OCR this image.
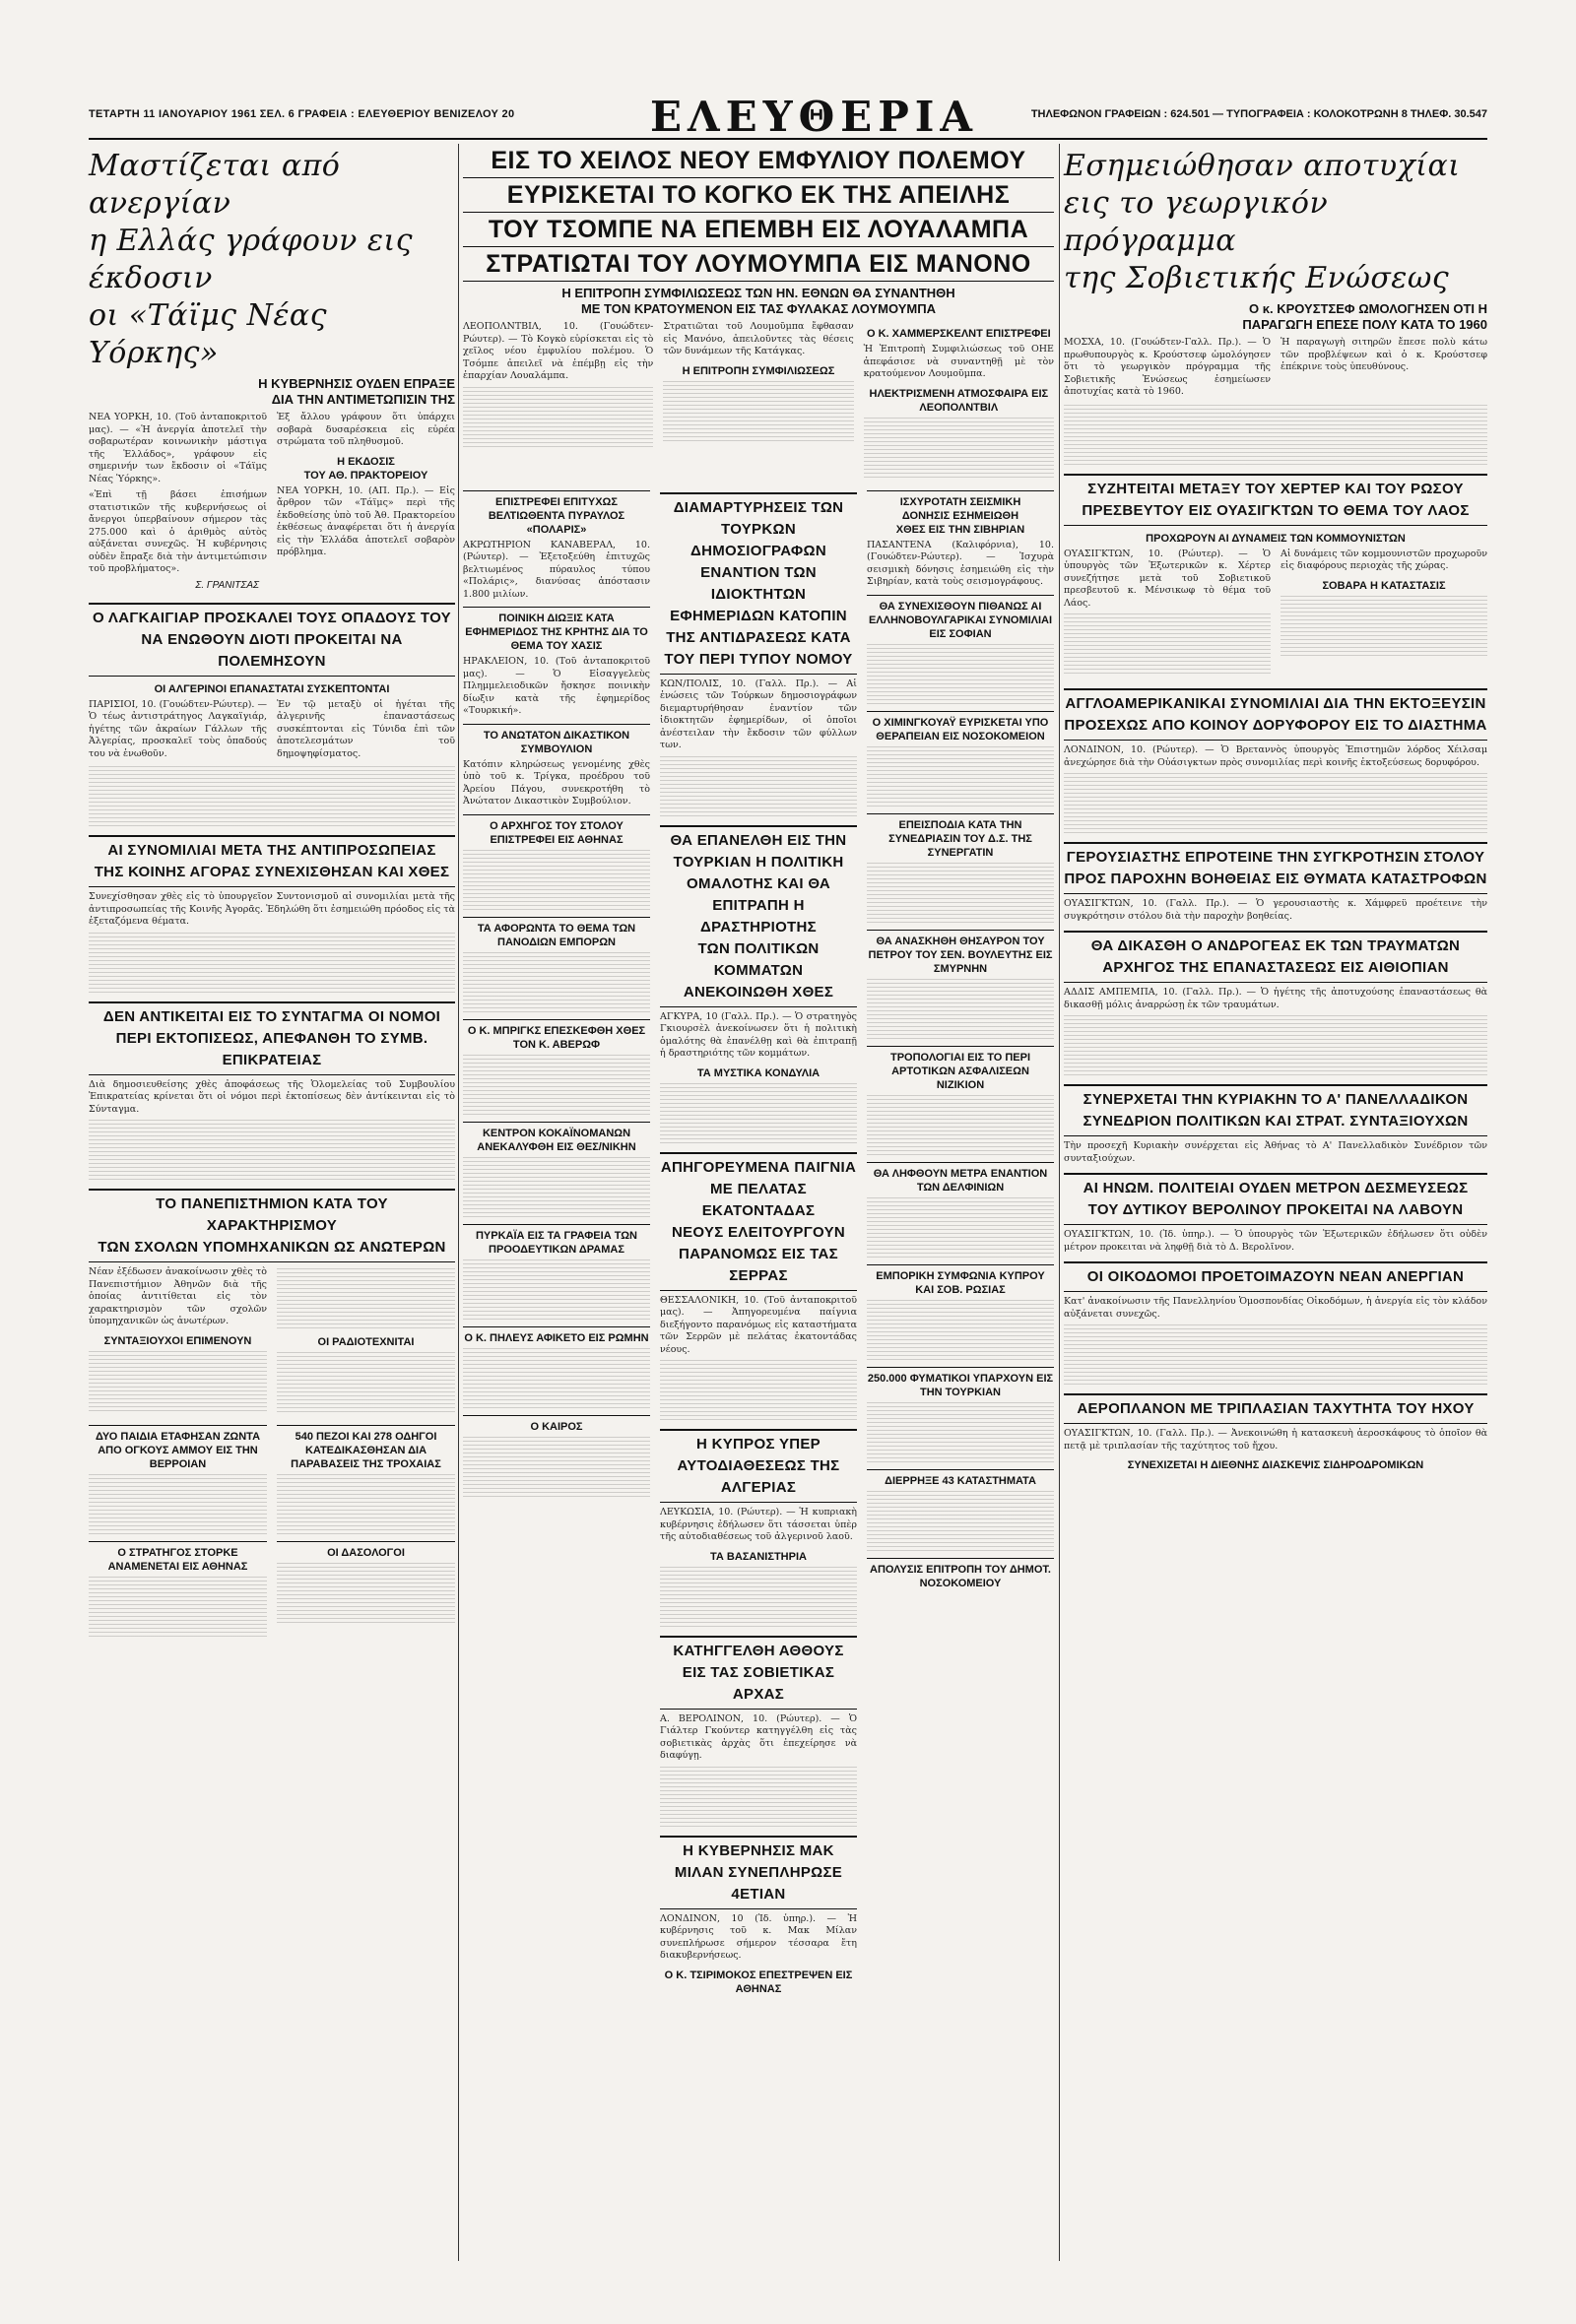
ΤΕΤΑΡΤΗ 11 ΙΑΝΟΥΑΡΙΟΥ 1961 ΣΕΛ. 6 ΓΡΑΦΕΙΑ : ΕΛΕΥΘΕΡΙΟΥ ΒΕΝΙΖΕΛΟΥ 20	ΕΛΕΥΘΕΡΙΑ	ΤΗΛΕΦΩΝΟΝ ΓΡΑΦΕΙΩΝ : 624.501 — ΤΥΠΟΓΡΑΦΕΙΑ : ΚΟΛΟΚΟΤΡΩΝΗ 8 ΤΗΛΕΦ. 30.547
Μαστίζεται από ανεργίαν
η Ελλάς γράφουν εις έκδοσιν
οι «Τάϊμς Νέας Υόρκης»
Η ΚΥΒΕΡΝΗΣΙΣ ΟΥΔΕΝ ΕΠΡΑΞΕ
ΔΙΑ ΤΗΝ ΑΝΤΙΜΕΤΩΠΙΣΙΝ ΤΗΣ

ΝΕΑ ΥΟΡΚΗ, 10. (Τοῦ ἀνταποκριτοῦ μας). — «Ἡ ἀνεργία ἀποτελεῖ τὴν σοβαρωτέραν κοινωνικὴν μάστιγα τῆς Ἑλλάδος», γράφουν εἰς σημερινήν των ἔκδοσιν οἱ «Τάϊμς Νέας Ὑόρκης».

«Ἐπὶ τῇ βάσει ἐπισήμων στατιστικῶν τῆς κυβερνήσεως οἱ ἄνεργοι ὑπερβαίνουν σήμερον τὰς 275.000 καὶ ὁ ἀριθμὸς αὐτὸς αὐξάνεται συνεχῶς. Ἡ κυβέρνησις οὐδὲν ἔπραξε διὰ τὴν ἀντιμετώπισιν τοῦ προβλήματος».

Σ. ΓΡΑΝΙΤΣΑΣ

Ἐξ ἄλλου γράφουν ὅτι ὑπάρχει σοβαρὰ δυσαρέσκεια εἰς εὐρέα στρώματα τοῦ πληθυσμοῦ.

Η ΕΚΔΟΣΙΣ
ΤΟΥ ΑΘ. ΠΡΑΚΤΟΡΕΙΟΥ

ΝΕΑ ΥΟΡΚΗ, 10. (ΑΠ. Πρ.). — Εἰς ἄρθρον τῶν «Τάϊμς» περὶ τῆς ἐκδοθείσης ὑπὸ τοῦ Ἀθ. Πρακτορείου ἐκθέσεως ἀναφέρεται ὅτι ἡ ἀνεργία εἰς τὴν Ἑλλάδα ἀποτελεῖ σοβαρὸν πρόβλημα.

Ο ΛΑΓΚΑΙΓΙΑΡ ΠΡΟΣΚΑΛΕΙ ΤΟΥΣ ΟΠΑΔΟΥΣ ΤΟΥ
ΝΑ ΕΝΩΘΟΥΝ ΔΙΟΤΙ ΠΡΟΚΕΙΤΑΙ ΝΑ ΠΟΛΕΜΗΣΟΥΝ
ΟΙ ΑΛΓΕΡΙΝΟΙ ΕΠΑΝΑΣΤΑΤΑΙ ΣΥΣΚΕΠΤΟΝΤΑΙ

ΠΑΡΙΣΙΟΙ, 10. (Γουώδτεν-Ρώυτερ). — Ὁ τέως ἀντιστράτηγος Λαγκαϊγιάρ, ἡγέτης τῶν ἀκραίων Γάλλων τῆς Ἀλγερίας, προσκαλεῖ τοὺς ὀπαδούς του νὰ ἑνωθοῦν.

Ἐν τῷ μεταξὺ οἱ ἡγέται τῆς ἀλγερινῆς ἐπαναστάσεως συσκέπτονται εἰς Τύνιδα ἐπὶ τῶν ἀποτελεσμάτων τοῦ δημοψηφίσματος.

ΑΙ ΣΥΝΟΜΙΛΙΑΙ ΜΕΤΑ ΤΗΣ ΑΝΤΙΠΡΟΣΩΠΕΙΑΣ
ΤΗΣ ΚΟΙΝΗΣ ΑΓΟΡΑΣ ΣΥΝΕΧΙΣΘΗΣΑΝ ΚΑΙ ΧΘΕΣ

Συνεχίσθησαν χθὲς εἰς τὸ ὑπουργεῖον Συντονισμοῦ αἱ συνομιλίαι μετὰ τῆς ἀντιπροσωπείας τῆς Κοινῆς Ἀγορᾶς. Ἐδηλώθη ὅτι ἐσημειώθη πρόοδος εἰς τὰ ἐξεταζόμενα θέματα.

ΔΕΝ ΑΝΤΙΚΕΙΤΑΙ ΕΙΣ ΤΟ ΣΥΝΤΑΓΜΑ ΟΙ ΝΟΜΟΙ
ΠΕΡΙ ΕΚΤΟΠΙΣΕΩΣ, ΑΠΕΦΑΝΘΗ ΤΟ ΣΥΜΒ. ΕΠΙΚΡΑΤΕΙΑΣ

Διὰ δημοσιευθείσης χθὲς ἀποφάσεως τῆς Ὁλομελείας τοῦ Συμβουλίου Ἐπικρατείας κρίνεται ὅτι οἱ νόμοι περὶ ἐκτοπίσεως δὲν ἀντίκεινται εἰς τὸ Σύνταγμα.

ΤΟ ΠΑΝΕΠΙΣΤΗΜΙΟΝ ΚΑΤΑ ΤΟΥ ΧΑΡΑΚΤΗΡΙΣΜΟΥ
ΤΩΝ ΣΧΟΛΩΝ ΥΠΟΜΗΧΑΝΙΚΩΝ ΩΣ ΑΝΩΤΕΡΩΝ

Νέαν ἐξέδωσεν ἀνακοίνωσιν χθὲς τὸ Πανεπιστήμιον Ἀθηνῶν διὰ τῆς ὁποίας ἀντιτίθεται εἰς τὸν χαρακτηρισμὸν τῶν σχολῶν ὑπομηχανικῶν ὡς ἀνωτέρων.

ΣΥΝΤΑΞΙΟΥΧΟΙ ΕΠΙΜΕΝΟΥΝ	ΟΙ ΡΑΔΙΟΤΕΧΝΙΤΑΙ
ΔΥΟ ΠΑΙΔΙΑ ΕΤΑΦΗΣΑΝ ΖΩΝΤΑ ΑΠΟ ΟΓΚΟΥΣ ΑΜΜΟΥ ΕΙΣ ΤΗΝ ΒΕΡΡΟΙΑΝ
Ο ΣΤΡΑΤΗΓΟΣ ΣΤΟΡΚΕ ΑΝΑΜΕΝΕΤΑΙ ΕΙΣ ΑΘΗΝΑΣ
540 ΠΕΖΟΙ ΚΑΙ 278 ΟΔΗΓΟΙ ΚΑΤΕΔΙΚΑΣΘΗΣΑΝ ΔΙΑ ΠΑΡΑΒΑΣΕΙΣ ΤΗΣ ΤΡΟΧΑΙΑΣ
ΟΙ ΔΑΣΟΛΟΓΟΙ
ΕΙΣ ΤΟ ΧΕΙΛΟΣ ΝΕΟΥ ΕΜΦΥΛΙΟΥ ΠΟΛΕΜΟΥ
ΕΥΡΙΣΚΕΤΑΙ ΤΟ ΚΟΓΚΟ ΕΚ ΤΗΣ ΑΠΕΙΛΗΣ
ΤΟΥ ΤΣΟΜΠΕ ΝΑ ΕΠΕΜΒΗ ΕΙΣ ΛΟΥΑΛΑΜΠΑ
ΣΤΡΑΤΙΩΤΑΙ ΤΟΥ ΛΟΥΜΟΥΜΠΑ ΕΙΣ ΜΑΝΟΝΟ
Η ΕΠΙΤΡΟΠΗ ΣΥΜΦΙΛΙΩΣΕΩΣ ΤΩΝ ΗΝ. ΕΘΝΩΝ ΘΑ ΣΥΝΑΝΤΗΘΗ
ΜΕ ΤΟΝ ΚΡΑΤΟΥΜΕΝΟΝ ΕΙΣ ΤΑΣ ΦΥΛΑΚΑΣ ΛΟΥΜΟΥΜΠΑ

ΛΕΟΠΟΛΝΤΒΙΛ, 10. (Γουώδτεν-Ρώυτερ). — Τὸ Κογκὸ εὑρίσκεται εἰς τὸ χεῖλος νέου ἐμφυλίου πολέμου. Ὁ Τσόμπε ἀπειλεῖ νὰ ἐπέμβῃ εἰς τὴν ἐπαρχίαν Λουαλάμπα.

Στρατιῶται τοῦ Λουμοῦμπα ἔφθασαν εἰς Μανόνο, ἀπειλοῦντες τὰς θέσεις τῶν δυνάμεων τῆς Κατάγκας.

Η ΕΠΙΤΡΟΠΗ ΣΥΜΦΙΛΙΩΣΕΩΣ
Ο Κ. ΧΑΜΜΕΡΣΚΕΛΝΤ ΕΠΙΣΤΡΕΦΕΙ

Ἡ Ἐπιτροπὴ Συμφιλιώσεως τοῦ ΟΗΕ ἀπεφάσισε νὰ συναντηθῇ μὲ τὸν κρατούμενον Λουμοῦμπα.

ΗΛΕΚΤΡΙΣΜΕΝΗ ΑΤΜΟΣΦΑΙΡΑ ΕΙΣ ΛΕΟΠΟΛΝΤΒΙΛ
ΕΠΙΣΤΡΕΦΕΙ ΕΠΙΤΥΧΩΣ ΒΕΛΤΙΩΘΕΝΤΑ ΠΥΡΑΥΛΟΣ «ΠΟΛΑΡΙΣ»

ΑΚΡΩΤΗΡΙΟΝ ΚΑΝΑΒΕΡΑΛ, 10. (Ρώυτερ). — Ἐξετοξεύθη ἐπιτυχῶς βελτιωμένος πύραυλος τύπου «Πολάρις», διανύσας ἀπόστασιν 1.800 μιλίων.

ΠΟΙΝΙΚΗ ΔΙΩΞΙΣ ΚΑΤΑ ΕΦΗΜΕΡΙΔΟΣ ΤΗΣ ΚΡΗΤΗΣ ΔΙΑ ΤΟ ΘΕΜΑ ΤΟΥ ΧΑΣΙΣ

ΗΡΑΚΛΕΙΟΝ, 10. (Τοῦ ἀνταποκριτοῦ μας). — Ὁ Εἰσαγγελεὺς Πλημμελειοδικῶν ἤσκησε ποινικὴν δίωξιν κατὰ τῆς ἐφημερίδος «Τουρκική».

ΤΟ ΑΝΩΤΑΤΟΝ ΔΙΚΑΣΤΙΚΟΝ ΣΥΜΒΟΥΛΙΟΝ

Κατόπιν κληρώσεως γενομένης χθὲς ὑπὸ τοῦ κ. Τρίγκα, προέδρου τοῦ Ἀρείου Πάγου, συνεκροτήθη τὸ Ἀνώτατον Δικαστικὸν Συμβούλιον.

Ο ΑΡΧΗΓΟΣ ΤΟΥ ΣΤΟΛΟΥ ΕΠΙΣΤΡΕΦΕΙ ΕΙΣ ΑΘΗΝΑΣ
ΤΑ ΑΦΟΡΩΝΤΑ ΤΟ ΘΕΜΑ ΤΩΝ ΠΑΝΟΔΙΩΝ ΕΜΠΟΡΩΝ
Ο Κ. ΜΠΡΙΓΚΣ ΕΠΕΣΚΕΦΘΗ ΧΘΕΣ ΤΟΝ Κ. ΑΒΕΡΩΦ
ΚΕΝΤΡΟΝ ΚΟΚΑΪΝΟΜΑΝΩΝ ΑΝΕΚΑΛΥΦΘΗ ΕΙΣ ΘΕΣ/ΝΙΚΗΝ
ΠΥΡΚΑΪΑ ΕΙΣ ΤΑ ΓΡΑΦΕΙΑ ΤΩΝ ΠΡΟΟΔΕΥΤΙΚΩΝ ΔΡΑΜΑΣ
Ο Κ. ΠΗΛΕΥΣ ΑΦΙΚΕΤΟ ΕΙΣ ΡΩΜΗΝ
Ο ΚΑΙΡΟΣ
ΔΙΑΜΑΡΤΥΡΗΣΕΙΣ ΤΩΝ ΤΟΥΡΚΩΝ ΔΗΜΟΣΙΟΓΡΑΦΩΝ
ΕΝΑΝΤΙΟΝ ΤΩΝ ΙΔΙΟΚΤΗΤΩΝ ΕΦΗΜΕΡΙΔΩΝ ΚΑΤΟΠΙΝ
ΤΗΣ ΑΝΤΙΔΡΑΣΕΩΣ ΚΑΤΑ ΤΟΥ ΠΕΡΙ ΤΥΠΟΥ ΝΟΜΟΥ

ΚΩΝ/ΠΟΛΙΣ, 10. (Γαλλ. Πρ.). — Αἱ ἑνώσεις τῶν Τούρκων δημοσιογράφων διεμαρτυρήθησαν ἐναντίον τῶν ἰδιοκτητῶν ἐφημερίδων, οἱ ὁποῖοι ἀνέστειλαν τὴν ἔκδοσιν τῶν φύλλων των.

ΘΑ ΕΠΑΝΕΛΘΗ ΕΙΣ ΤΗΝ ΤΟΥΡΚΙΑΝ Η ΠΟΛΙΤΙΚΗ
ΟΜΑΛΟΤΗΣ ΚΑΙ ΘΑ ΕΠΙΤΡΑΠΗ Η ΔΡΑΣΤΗΡΙΟΤΗΣ
ΤΩΝ ΠΟΛΙΤΙΚΩΝ ΚΟΜΜΑΤΩΝ ΑΝΕΚΟΙΝΩΘΗ ΧΘΕΣ

ΑΓΚΥΡΑ, 10 (Γαλλ. Πρ.). — Ὁ στρατηγὸς Γκιουρσὲλ ἀνεκοίνωσεν ὅτι ἡ πολιτικὴ ὁμαλότης θὰ ἐπανέλθῃ καὶ θὰ ἐπιτραπῇ ἡ δραστηριότης τῶν κομμάτων.

ΤΑ ΜΥΣΤΙΚΑ ΚΟΝΔΥΛΙΑ
ΑΠΗΓΟΡΕΥΜΕΝΑ ΠΑΙΓΝΙΑ ΜΕ ΠΕΛΑΤΑΣ ΕΚΑΤΟΝΤΑΔΑΣ
ΝΕΟΥΣ ΕΛΕΙΤΟΥΡΓΟΥΝ ΠΑΡΑΝΟΜΩΣ ΕΙΣ ΤΑΣ ΣΕΡΡΑΣ

ΘΕΣΣΑΛΟΝΙΚΗ, 10. (Τοῦ ἀνταποκριτοῦ μας). — Ἀπηγορευμένα παίγνια διεξήγοντο παρανόμως εἰς καταστήματα τῶν Σερρῶν μὲ πελάτας ἑκατοντάδας νέους.

Η ΚΥΠΡΟΣ ΥΠΕΡ ΑΥΤΟΔΙΑΘΕΣΕΩΣ ΤΗΣ ΑΛΓΕΡΙΑΣ

ΛΕΥΚΩΣΙΑ, 10. (Ρώυτερ). — Ἡ κυπριακὴ κυβέρνησις ἐδήλωσεν ὅτι τάσσεται ὑπὲρ τῆς αὐτοδιαθέσεως τοῦ ἀλγερινοῦ λαοῦ.

ΤΑ ΒΑΣΑΝΙΣΤΗΡΙΑ
ΚΑΤΗΓΓΕΛΘΗ ΑΘΘΟΥΣ ΕΙΣ ΤΑΣ ΣΟΒΙΕΤΙΚΑΣ ΑΡΧΑΣ

Α. ΒΕΡΟΛΙΝΟΝ, 10. (Ρώυτερ). — Ὁ Γιάλτερ Γκούντερ κατηγγέλθη εἰς τὰς σοβιετικὰς ἀρχὰς ὅτι ἐπεχείρησε νὰ διαφύγῃ.

Η ΚΥΒΕΡΝΗΣΙΣ ΜΑΚ ΜΙΛΑΝ ΣΥΝΕΠΛΗΡΩΣΕ 4ΕΤΙΑΝ

ΛΟΝΔΙΝΟΝ, 10 (Ἰδ. ὑπηρ.). — Ἡ κυβέρνησις τοῦ κ. Μακ Μίλαν συνεπλήρωσε σήμερον τέσσαρα ἔτη διακυβερνήσεως.

Ο Κ. ΤΣΙΡΙΜΟΚΟΣ ΕΠΕΣΤΡΕΨΕΝ ΕΙΣ ΑΘΗΝΑΣ
ΙΣΧΥΡΟΤΑΤΗ ΣΕΙΣΜΙΚΗ
ΔΟΝΗΣΙΣ ΕΣΗΜΕΙΩΘΗ
ΧΘΕΣ ΕΙΣ ΤΗΝ ΣΙΒΗΡΙΑΝ

ΠΑΣΑΝΤΕΝΑ (Καλιφόρνια), 10. (Γουώδτεν-Ρώυτερ). — Ἰσχυρὰ σεισμικὴ δόνησις ἐσημειώθη εἰς τὴν Σιβηρίαν, κατὰ τοὺς σεισμογράφους.

ΘΑ ΣΥΝΕΧΙΣΘΟΥΝ ΠΙΘΑΝΩΣ ΑΙ ΕΛΛΗΝΟΒΟΥΛΓΑΡΙΚΑΙ ΣΥΝΟΜΙΛΙΑΙ ΕΙΣ ΣΟΦΙΑΝ
Ο ΧΙΜΙΝΓΚΟΥΑΫ ΕΥΡΙΣΚΕΤΑΙ ΥΠΟ ΘΕΡΑΠΕΙΑΝ ΕΙΣ ΝΟΣΟΚΟΜΕΙΟΝ
ΕΠΕΙΣΠΟΔΙΑ ΚΑΤΑ ΤΗΝ ΣΥΝΕΔΡΙΑΣΙΝ ΤΟΥ Δ.Σ. ΤΗΣ ΣΥΝΕΡΓΑΤΙΝ
ΘΑ ΑΝΑΣΚΗΘΗ ΘΗΣΑΥΡΟΝ ΤΟΥ ΠΕΤΡΟΥ ΤΟΥ ΣΕΝ. ΒΟΥΛΕΥΤΗΣ ΕΙΣ ΣΜΥΡΝΗΝ
ΤΡΟΠΟΛΟΓΙΑΙ ΕΙΣ ΤΟ ΠΕΡΙ ΑΡΤΟΤΙΚΩΝ ΑΣΦΑΛΙΣΕΩΝ ΝΙΖΙΚΙΟΝ
ΘΑ ΛΗΦΘΟΥΝ ΜΕΤΡΑ ΕΝΑΝΤΙΟΝ ΤΩΝ ΔΕΛΦΙΝΙΩΝ
ΕΜΠΟΡΙΚΗ ΣΥΜΦΩΝΙΑ ΚΥΠΡΟΥ ΚΑΙ ΣΟΒ. ΡΩΣΙΑΣ
250.000 ΦΥΜΑΤΙΚΟΙ ΥΠΑΡΧΟΥΝ ΕΙΣ ΤΗΝ ΤΟΥΡΚΙΑΝ
ΔΙΕΡΡΗΞΕ 43 ΚΑΤΑΣΤΗΜΑΤΑ
ΑΠΟΛΥΣΙΣ ΕΠΙΤΡΟΠΗ ΤΟΥ ΔΗΜΟΤ. ΝΟΣΟΚΟΜΕΙΟΥ
Εσημειώθησαν αποτυχίαι
εις το γεωργικόν πρόγραμμα
της Σοβιετικής Ενώσεως
Ο κ. ΚΡΟΥΣΤΣΕΦ ΩΜΟΛΟΓΗΣΕΝ ΟΤΙ Η
ΠΑΡΑΓΩΓΗ ΕΠΕΣΕ ΠΟΛΥ ΚΑΤΑ ΤΟ 1960

ΜΟΣΧΑ, 10. (Γουώδτεν-Γαλλ. Πρ.). — Ὁ πρωθυπουργὸς κ. Κρούστσεφ ὡμολόγησεν ὅτι τὸ γεωργικὸν πρόγραμμα τῆς Σοβιετικῆς Ἑνώσεως ἐσημείωσεν ἀποτυχίας κατὰ τὸ 1960.

Ἡ παραγωγὴ σιτηρῶν ἔπεσε πολὺ κάτω τῶν προβλέψεων καὶ ὁ κ. Κρούστσεφ ἐπέκρινε τοὺς ὑπευθύνους.

ΣΥΖΗΤΕΙΤΑΙ ΜΕΤΑΞΥ ΤΟΥ ΧΕΡΤΕΡ ΚΑΙ ΤΟΥ ΡΩΣΟΥ
ΠΡΕΣΒΕΥΤΟΥ ΕΙΣ ΟΥΑΣΙΓΚΤΩΝ ΤΟ ΘΕΜΑ ΤΟΥ ΛΑΟΣ
ΠΡΟΧΩΡΟΥΝ ΑΙ ΔΥΝΑΜΕΙΣ ΤΩΝ ΚΟΜΜΟΥΝΙΣΤΩΝ

ΟΥΑΣΙΓΚΤΩΝ, 10. (Ρώυτερ). — Ὁ ὑπουργὸς τῶν Ἐξωτερικῶν κ. Χέρτερ συνεζήτησε μετὰ τοῦ Σοβιετικοῦ πρεσβευτοῦ κ. Μένσικωφ τὸ θέμα τοῦ Λάος.

Αἱ δυνάμεις τῶν κομμουνιστῶν προχωροῦν εἰς διαφόρους περιοχὰς τῆς χώρας.

ΣΟΒΑΡΑ Η ΚΑΤΑΣΤΑΣΙΣ
ΑΓΓΛΟΑΜΕΡΙΚΑΝΙΚΑΙ ΣΥΝΟΜΙΛΙΑΙ ΔΙΑ ΤΗΝ ΕΚΤΟΞΕΥΣΙΝ
ΠΡΟΣΕΧΩΣ ΑΠΟ ΚΟΙΝΟΥ ΔΟΡΥΦΟΡΟΥ ΕΙΣ ΤΟ ΔΙΑΣΤΗΜΑ

ΛΟΝΔΙΝΟΝ, 10. (Ρώυτερ). — Ὁ Βρεταννὸς ὑπουργὸς Ἐπιστημῶν λόρδος Χέιλσαμ ἀνεχώρησε διὰ τὴν Οὐάσιγκτων πρὸς συνομιλίας περὶ κοινῆς ἐκτοξεύσεως δορυφόρου.

ΓΕΡΟΥΣΙΑΣΤΗΣ ΕΠΡΟΤΕΙΝΕ ΤΗΝ ΣΥΓΚΡΟΤΗΣΙΝ ΣΤΟΛΟΥ
ΠΡΟΣ ΠΑΡΟΧΗΝ ΒΟΗΘΕΙΑΣ ΕΙΣ ΘΥΜΑΤΑ ΚΑΤΑΣΤΡΟΦΩΝ

ΟΥΑΣΙΓΚΤΩΝ, 10. (Γαλλ. Πρ.). — Ὁ γερουσιαστὴς κ. Χάμφρεϋ προέτεινε τὴν συγκρότησιν στόλου διὰ τὴν παροχὴν βοηθείας.

ΘΑ ΔΙΚΑΣΘΗ Ο ΑΝΔΡΟΓΕΑΣ ΕΚ ΤΩΝ ΤΡΑΥΜΑΤΩΝ
ΑΡΧΗΓΟΣ ΤΗΣ ΕΠΑΝΑΣΤΑΣΕΩΣ ΕΙΣ ΑΙΘΙΟΠΙΑΝ

ΑΔΔΙΣ ΑΜΠΕΜΠΑ, 10. (Γαλλ. Πρ.). — Ὁ ἡγέτης τῆς ἀποτυχούσης ἐπαναστάσεως θὰ δικασθῇ μόλις ἀναρρώσῃ ἐκ τῶν τραυμάτων.

ΣΥΝΕΡΧΕΤΑΙ ΤΗΝ ΚΥΡΙΑΚΗΝ ΤΟ Α' ΠΑΝΕΛΛΑΔΙΚΟΝ
ΣΥΝΕΔΡΙΟΝ ΠΟΛΙΤΙΚΩΝ ΚΑΙ ΣΤΡΑΤ. ΣΥΝΤΑΞΙΟΥΧΩΝ

Τὴν προσεχῆ Κυριακὴν συνέρχεται εἰς Ἀθήνας τὸ Α' Πανελλαδικὸν Συνέδριον τῶν συνταξιούχων.

ΑΙ ΗΝΩΜ. ΠΟΛΙΤΕΙΑΙ ΟΥΔΕΝ ΜΕΤΡΟΝ ΔΕΣΜΕΥΣΕΩΣ
ΤΟΥ ΔΥΤΙΚΟΥ ΒΕΡΟΛΙΝΟΥ ΠΡΟΚΕΙΤΑΙ ΝΑ ΛΑΒΟΥΝ

ΟΥΑΣΙΓΚΤΩΝ, 10. (Ἰδ. ὑπηρ.). — Ὁ ὑπουργὸς τῶν Ἐξωτερικῶν ἐδήλωσεν ὅτι οὐδὲν μέτρον προκειται νὰ ληφθῇ διὰ τὸ Δ. Βερολῖνον.

ΟΙ ΟΙΚΟΔΟΜΟΙ ΠΡΟΕΤΟΙΜΑΖΟΥΝ ΝΕΑΝ ΑΝΕΡΓΙΑΝ

Κατ' ἀνακοίνωσιν τῆς Πανελληνίου Ὁμοσπονδίας Οἰκοδόμων, ἡ ἀνεργία εἰς τὸν κλάδον αὐξάνεται συνεχῶς.

ΑΕΡΟΠΛΑΝΟΝ ΜΕ ΤΡΙΠΛΑΣΙΑΝ ΤΑΧΥΤΗΤΑ ΤΟΥ ΗΧΟΥ

ΟΥΑΣΙΓΚΤΩΝ, 10. (Γαλλ. Πρ.). — Ἀνεκοινώθη ἡ κατασκευὴ ἀεροσκάφους τὸ ὁποῖον θὰ πετᾷ μὲ τριπλασίαν τῆς ταχύτητος τοῦ ἤχου.

ΣΥΝΕΧΙΖΕΤΑΙ Η ΔΙΕΘΝΗΣ ΔΙΑΣΚΕΨΙΣ ΣΙΔΗΡΟΔΡΟΜΙΚΩΝ
